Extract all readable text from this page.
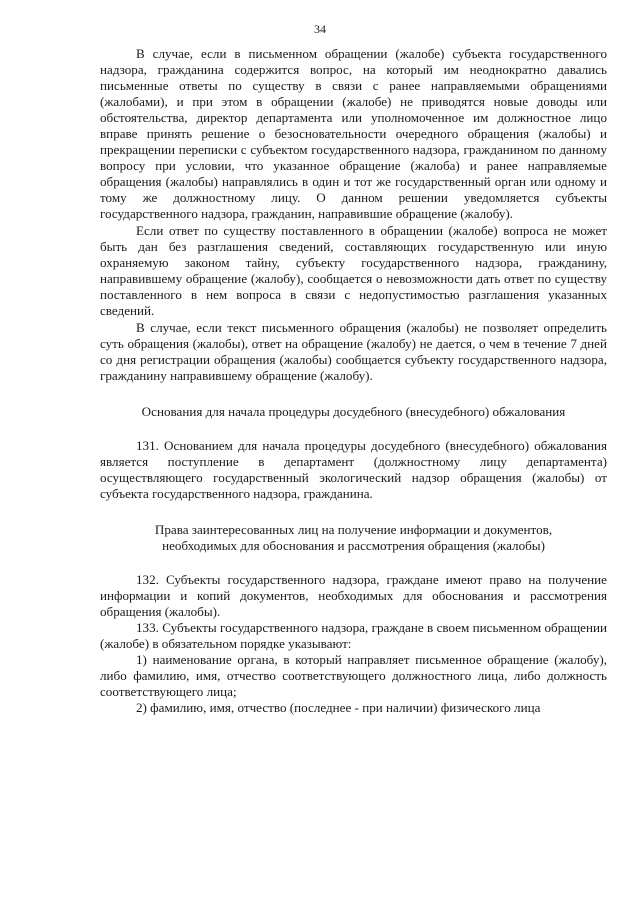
34

В случае, если в письменном обращении (жалобе) субъекта государственного надзора, гражданина содержится вопрос, на который им неоднократно давались письменные ответы по существу в связи с ранее направляемыми обращениями (жалобами), и при этом в обращении (жалобе) не приводятся новые доводы или обстоятельства, директор департамента или уполномоченное им должностное лицо вправе принять решение о безосновательности очередного обращения (жалобы) и прекращении переписки с субъектом государственного надзора, гражданином по данному вопросу при условии, что указанное обращение (жалоба) и ранее направляемые обращения (жалобы) направлялись в один и тот же государственный орган или одному и тому же должностному лицу. О данном решении уведомляется субъекты государственного надзора, гражданин, направившие обращение (жалобу).

Если ответ по существу поставленного в обращении (жалобе) вопроса не может быть дан без разглашения сведений, составляющих государственную или иную охраняемую законом тайну, субъекту государственного надзора, гражданину, направившему обращение (жалобу), сообщается о невозможности дать ответ по существу поставленного в нем вопроса в связи с недопустимостью разглашения указанных сведений.

В случае, если текст письменного обращения (жалобы) не позволяет определить суть обращения (жалобы), ответ на обращение (жалобу) не дается, о чем в течение 7 дней со дня регистрации обращения (жалобы) сообщается субъекту государственного надзора, гражданину направившему обращение (жалобу).

Основания для начала процедуры досудебного (внесудебного) обжалования

131. Основанием для начала процедуры досудебного (внесудебного) обжалования является поступление в департамент (должностному лицу департамента) осуществляющего государственный экологический надзор обращения (жалобы) от субъекта государственного надзора, гражданина.

Права заинтересованных лиц на получение информации и документов, необходимых для обоснования и рассмотрения обращения (жалобы)

132. Субъекты государственного надзора, граждане имеют право на получение информации и копий документов, необходимых для обоснования и рассмотрения обращения (жалобы).

133. Субъекты государственного надзора, граждане в своем письменном обращении (жалобе) в обязательном порядке указывают:

1) наименование органа, в который направляет письменное обращение (жалобу), либо фамилию, имя, отчество соответствующего должностного лица, либо должность соответствующего лица;

2) фамилию, имя, отчество (последнее - при наличии) физического лица
